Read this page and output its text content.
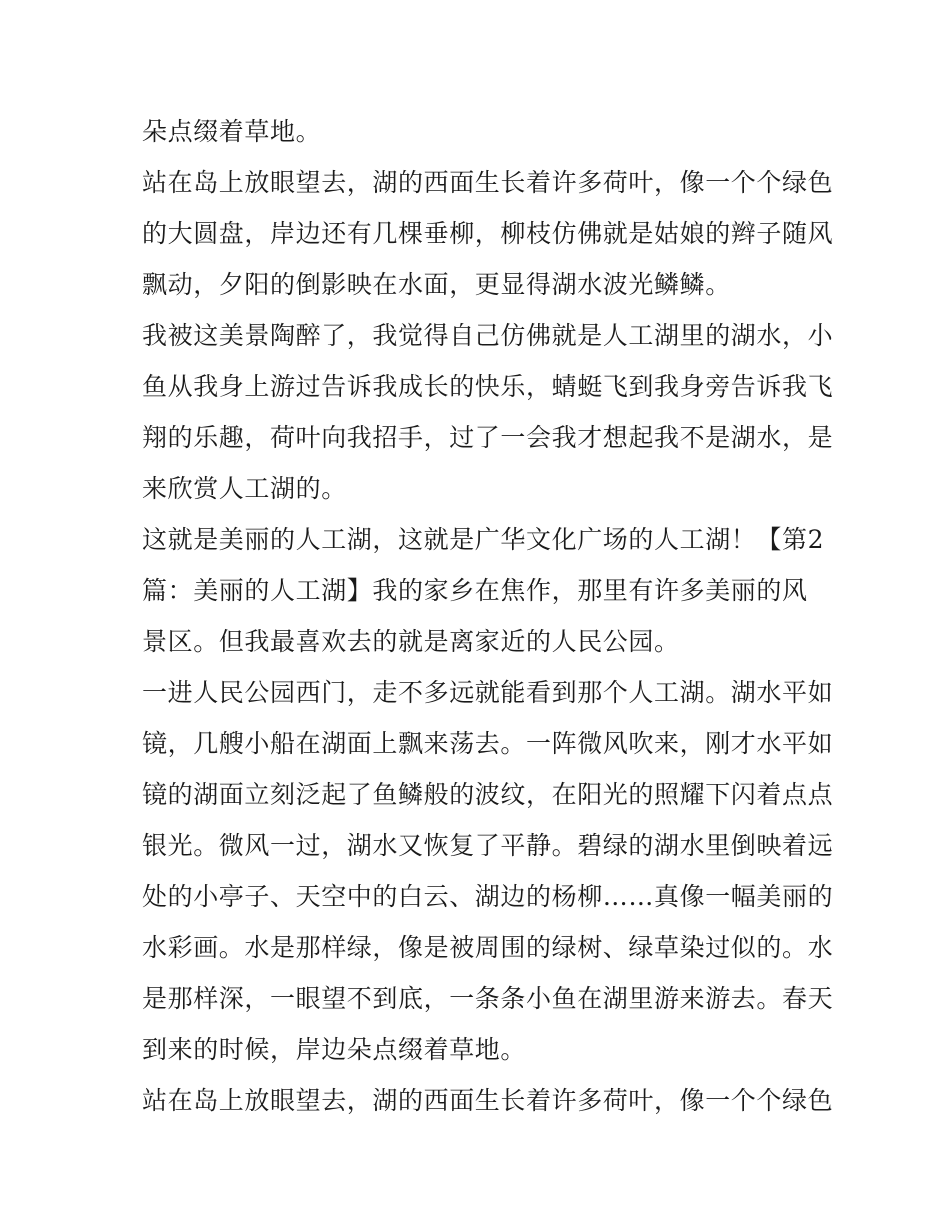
朵点缀着草地。
站在岛上放眼望去，湖的西面生长着许多荷叶，像一个个绿色
的大圆盘，岸边还有几棵垂柳，柳枝仿佛就是姑娘的辫子随风
飘动，夕阳的倒影映在水面，更显得湖水波光鳞鳞。
我被这美景陶醉了，我觉得自己仿佛就是人工湖里的湖水，小
鱼从我身上游过告诉我成长的快乐，蜻蜓飞到我身旁告诉我飞
翔的乐趣，荷叶向我招手，过了一会我才想起我不是湖水，是
来欣赏人工湖的。
这就是美丽的人工湖，这就是广华文化广场的人工湖！【第2
篇：美丽的人工湖】我的家乡在焦作，那里有许多美丽的风
景区。但我最喜欢去的就是离家近的人民公园。
一进人民公园西门，走不多远就能看到那个人工湖。湖水平如
镜，几艘小船在湖面上飘来荡去。一阵微风吹来，刚才水平如
镜的湖面立刻泛起了鱼鳞般的波纹，在阳光的照耀下闪着点点
银光。微风一过，湖水又恢复了平静。碧绿的湖水里倒映着远
处的小亭子、天空中的白云、湖边的杨柳……真像一幅美丽的
水彩画。水是那样绿，像是被周围的绿树、绿草染过似的。水
是那样深，一眼望不到底，一条条小鱼在湖里游来游去。春天
到来的时候，岸边朵点缀着草地。
站在岛上放眼望去，湖的西面生长着许多荷叶，像一个个绿色
